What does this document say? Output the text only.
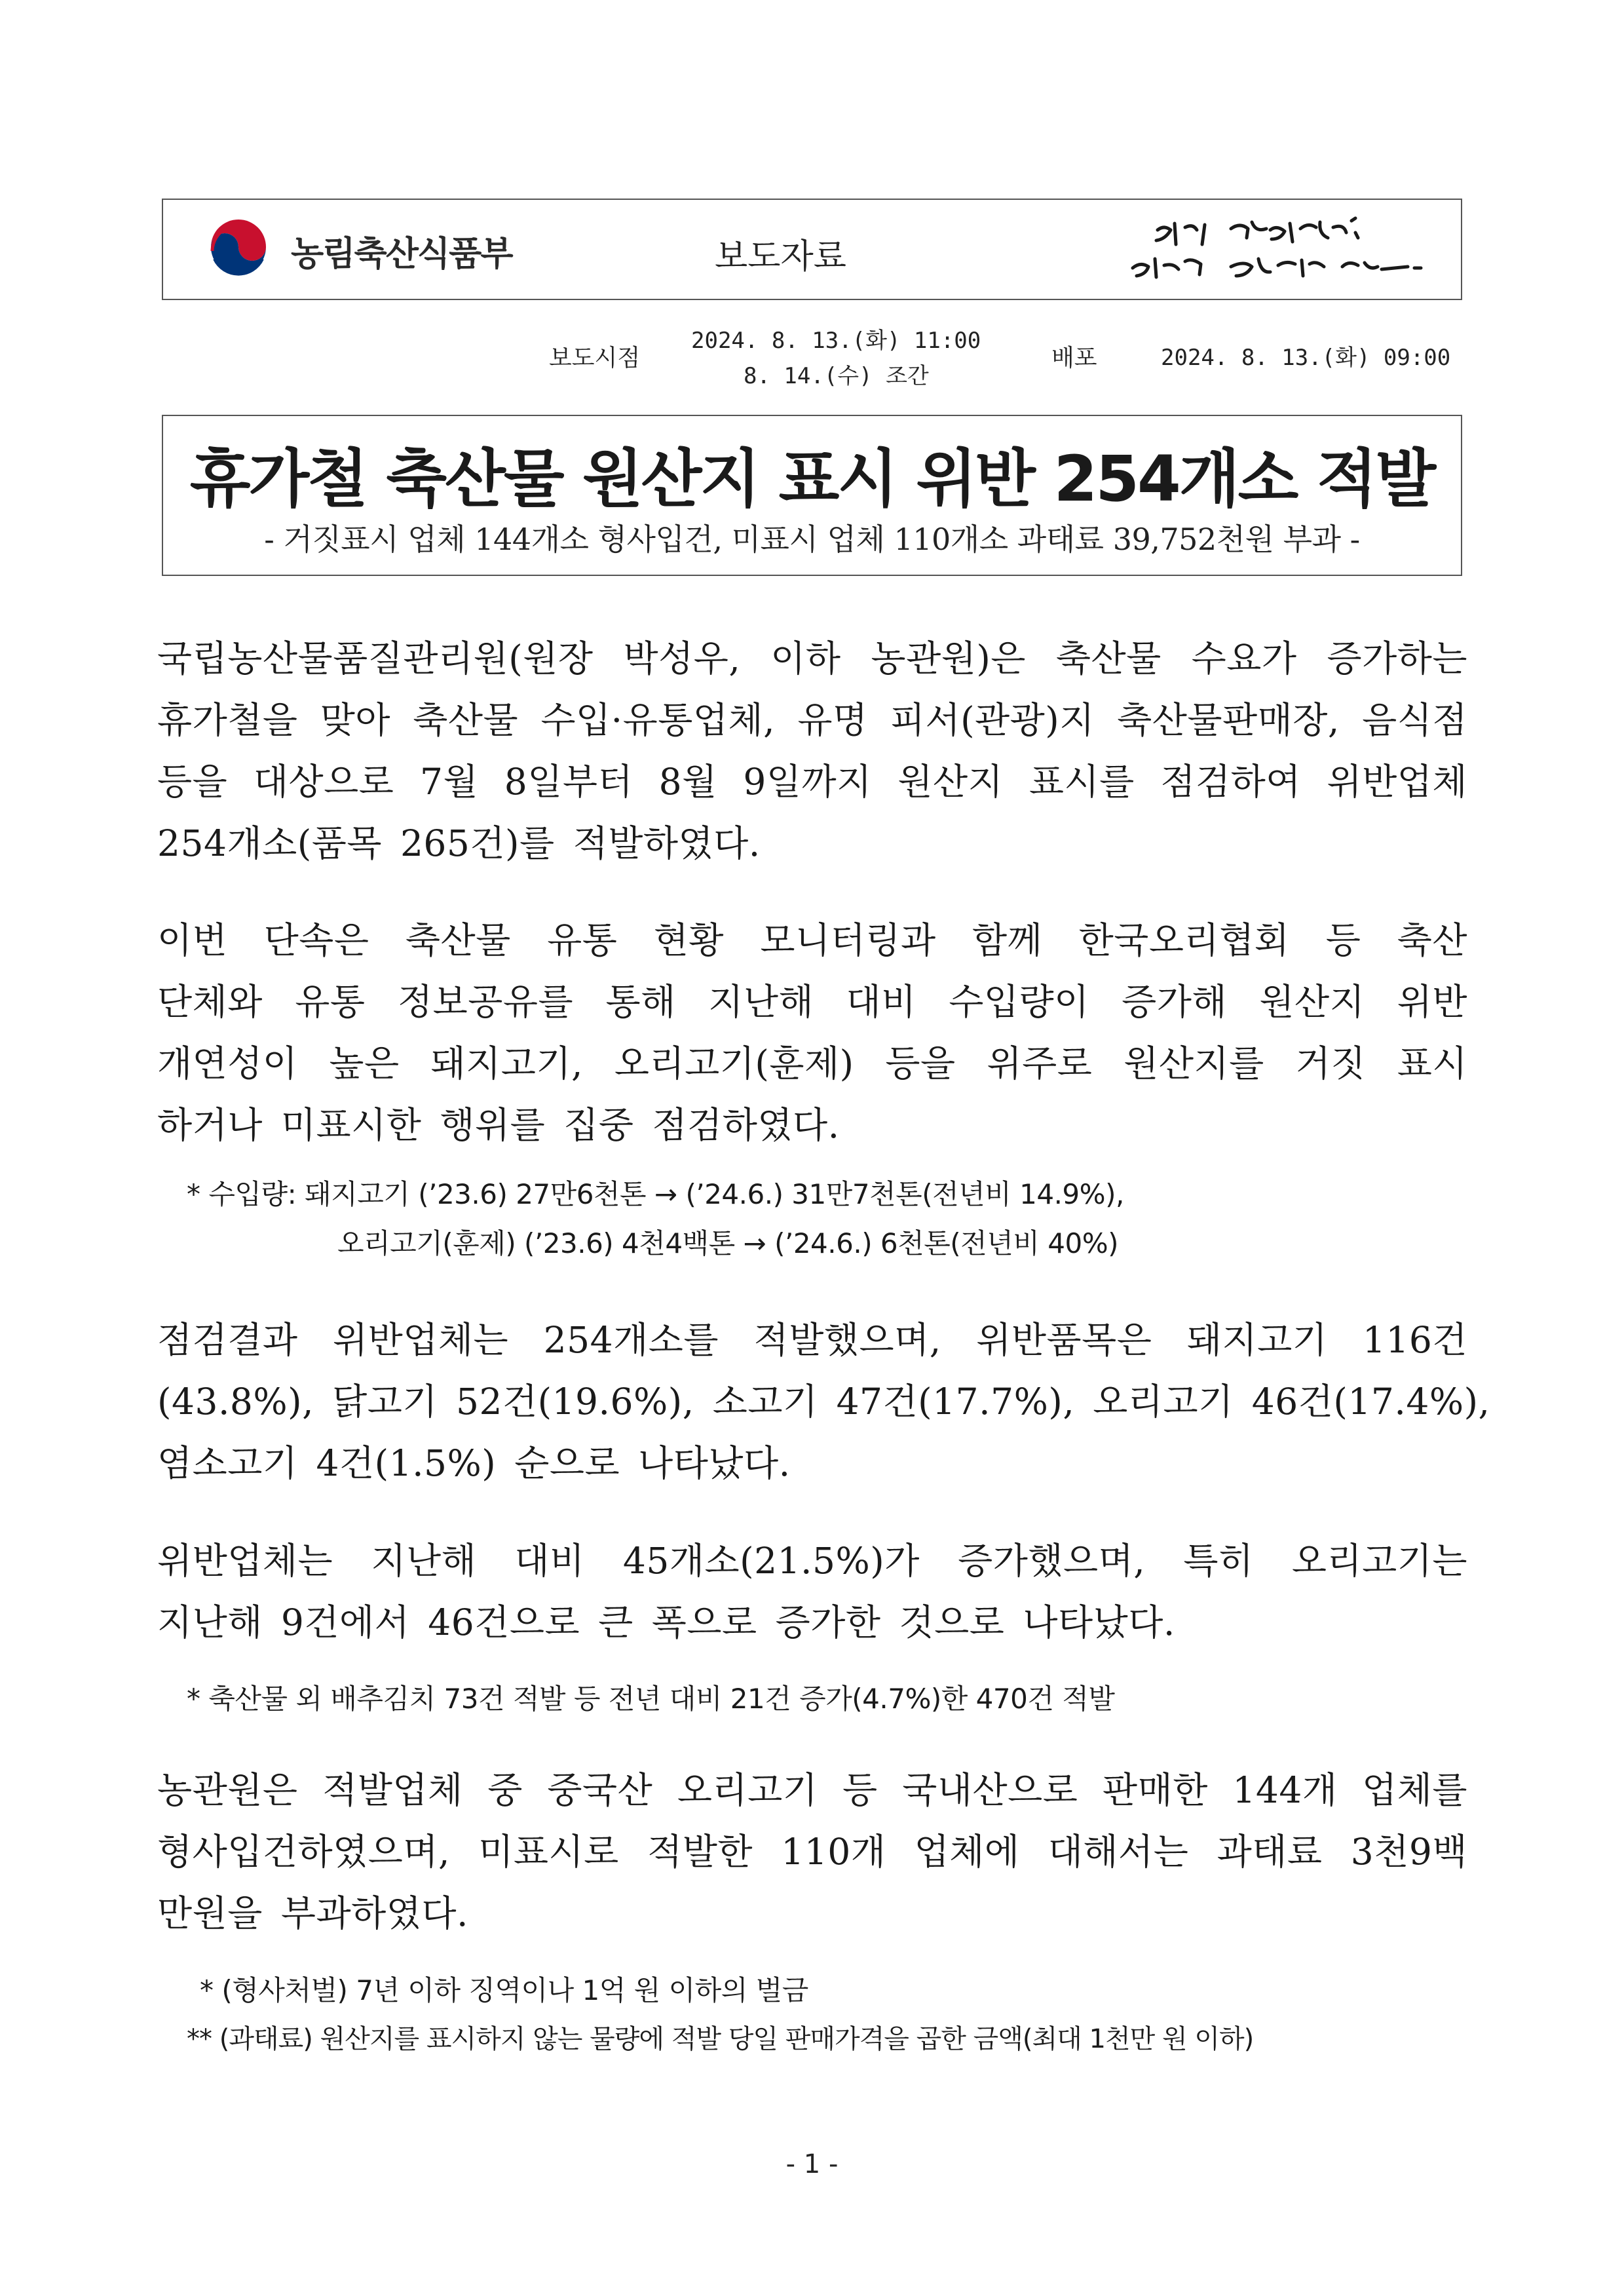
농림축산식품부	보도자료
보도시점
2024. 8. 13.(화) 11:00
8. 14.(수) 조간
배포	2024. 8. 13.(화) 09:00
휴가철 축산물 원산지 표시 위반 254개소 적발
- 거짓표시 업체 144개소 형사입건, 미표시 업체 110개소 과태료 39,752천원 부과 -
국립농산물품질관리원(원장 박성우, 이하 농관원)은 축산물 수요가 증가하는
휴가철을 맞아 축산물 수입·유통업체, 유명 피서(관광)지 축산물판매장, 음식점
등을 대상으로 7월 8일부터 8월 9일까지 원산지 표시를 점검하여 위반업체
254개소(품목 265건)를 적발하였다.
이번 단속은 축산물 유통 현황 모니터링과 함께 한국오리협회 등 축산
단체와 유통 정보공유를 통해 지난해 대비 수입량이 증가해 원산지 위반
개연성이 높은 돼지고기, 오리고기(훈제) 등을 위주로 원산지를 거짓 표시
하거나 미표시한 행위를 집중 점검하였다.
* 수입량: 돼지고기 (’23.6) 27만6천톤 → (’24.6.) 31만7천톤(전년비 14.9%),
오리고기(훈제) (’23.6) 4천4백톤 → (’24.6.) 6천톤(전년비 40%)
점검결과 위반업체는 254개소를 적발했으며, 위반품목은 돼지고기 116건
(43.8%), 닭고기 52건(19.6%), 소고기 47건(17.7%), 오리고기 46건(17.4%),
염소고기 4건(1.5%) 순으로 나타났다.
위반업체는 지난해 대비 45개소(21.5%)가 증가했으며, 특히 오리고기는
지난해 9건에서 46건으로 큰 폭으로 증가한 것으로 나타났다.
* 축산물 외 배추김치 73건 적발 등 전년 대비 21건 증가(4.7%)한 470건 적발
농관원은 적발업체 중 중국산 오리고기 등 국내산으로 판매한 144개 업체를
형사입건하였으며, 미표시로 적발한 110개 업체에 대해서는 과태료 3천9백
만원을 부과하였다.
* (형사처벌) 7년 이하 징역이나 1억 원 이하의 벌금
** (과태료) 원산지를 표시하지 않는 물량에 적발 당일 판매가격을 곱한 금액(최대 1천만 원 이하)
- 1 -
